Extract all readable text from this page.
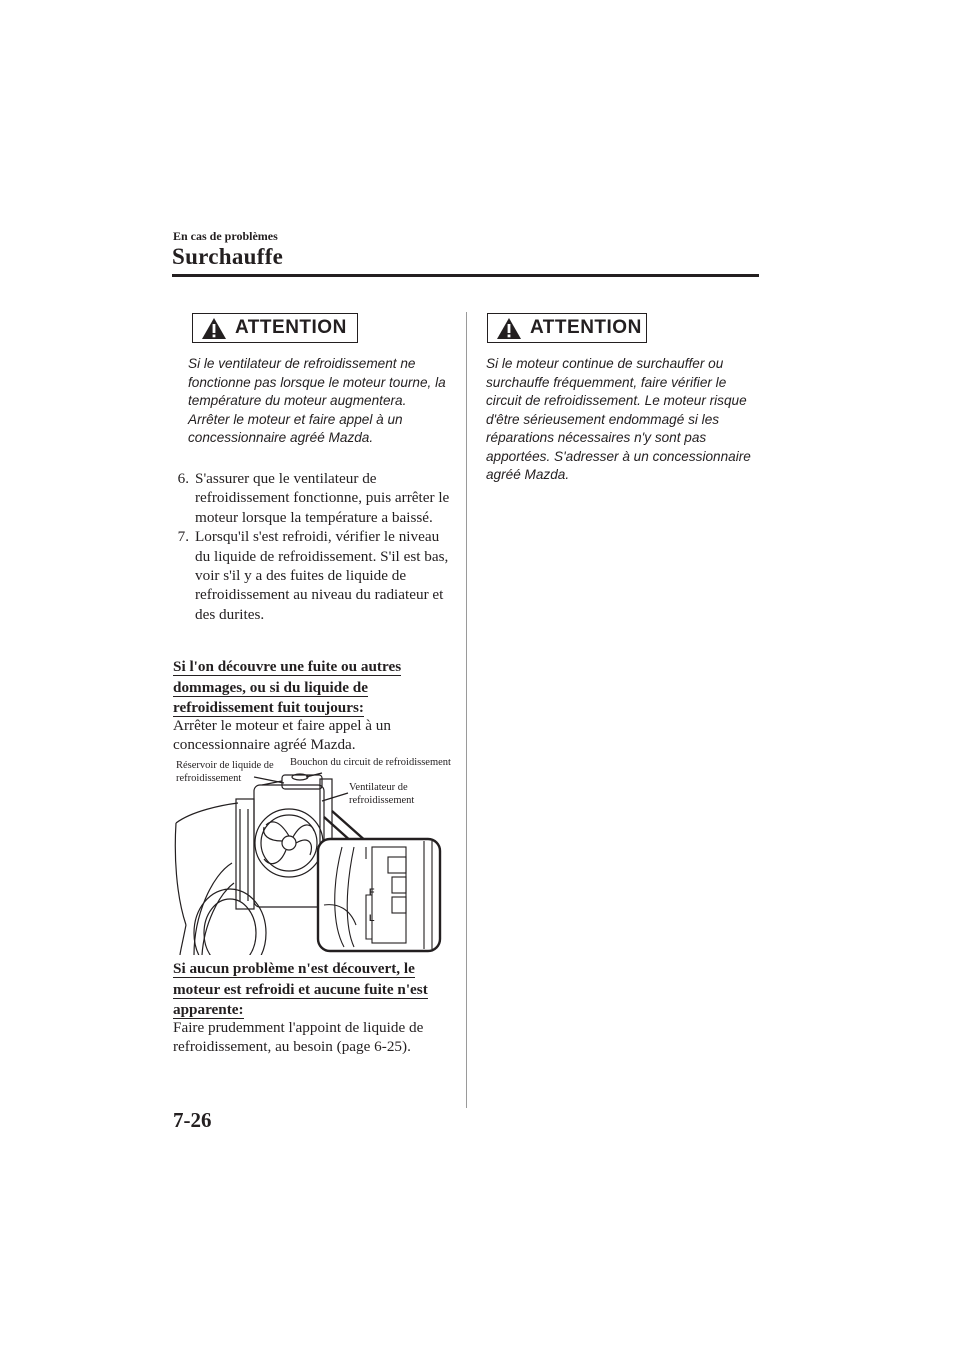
En cas de problèmes
Surchauffe
ATTENTION

Si le ventilateur de refroidissement ne fonctionne pas lorsque le moteur tourne, la température du moteur augmentera. Arrêter le moteur et faire appel à un concessionnaire agréé Mazda.

6. S'assurer que le ventilateur de refroidissement fonctionne, puis arrêter le moteur lorsque la température a baissé.
7. Lorsqu'il s'est refroidi, vérifier le niveau du liquide de refroidissement. S'il est bas, voir s'il y a des fuites de liquide de refroidissement au niveau du radiateur et des durites.
Si l'on découvre une fuite ou autres
dommages, ou si du liquide de
refroidissement fuit toujours:

Arrêter le moteur et faire appel à un concessionnaire agréé Mazda.

F
L
Réservoir de liquide de
refroidissement
Bouchon du circuit de refroidissement
Ventilateur de
refroidissement
Si aucun problème n'est découvert, le
moteur est refroidi et aucune fuite n'est
apparente:

Faire prudemment l'appoint de liquide de refroidissement, au besoin (page 6-25).

ATTENTION

Si le moteur continue de surchauffer ou surchauffe fréquemment, faire vérifier le circuit de refroidissement. Le moteur risque d'être sérieusement endommagé si les réparations nécessaires n'y sont pas apportées. S'adresser à un concessionnaire agréé Mazda.

7-26
